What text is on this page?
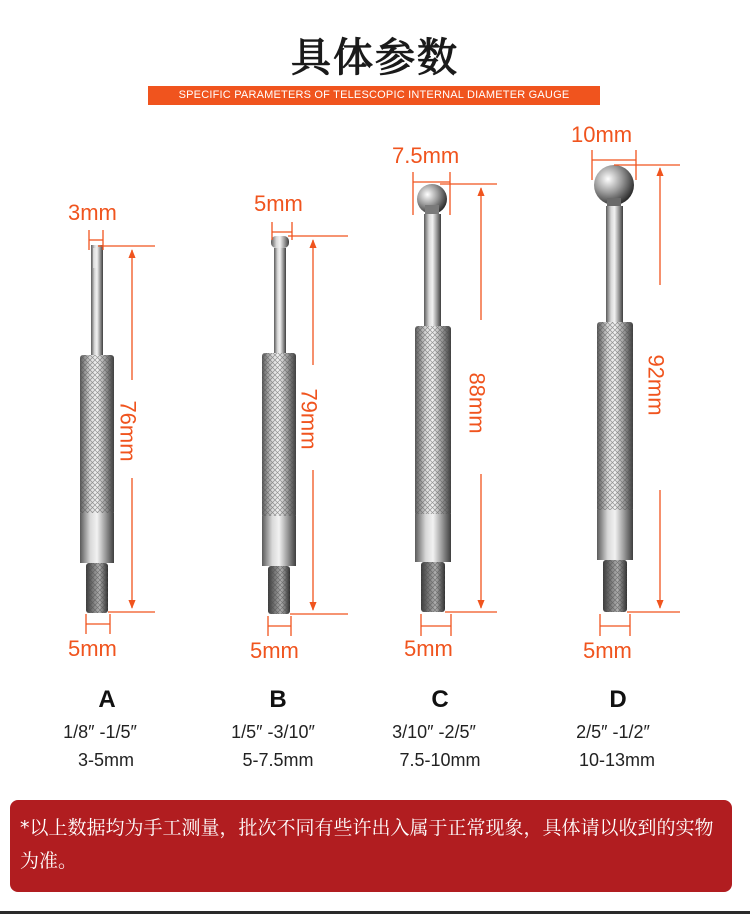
具体参数
SPECIFIC PARAMETERS OF TELESCOPIC INTERNAL DIAMETER GAUGE
3mm
76mm
5mm
5mm
79mm
5mm
7.5mm
88mm
5mm
10mm
92mm
5mm
A
1/8″ -1/5″
3-5mm
B
1/5″ -3/10″
5-7.5mm
C
3/10″ -2/5″
7.5-10mm
D
2/5″ -1/2″
10-13mm
*以上数据均为手工测量，批次不同有些许出入属于正常现象，具体请以收到的实物为准。
